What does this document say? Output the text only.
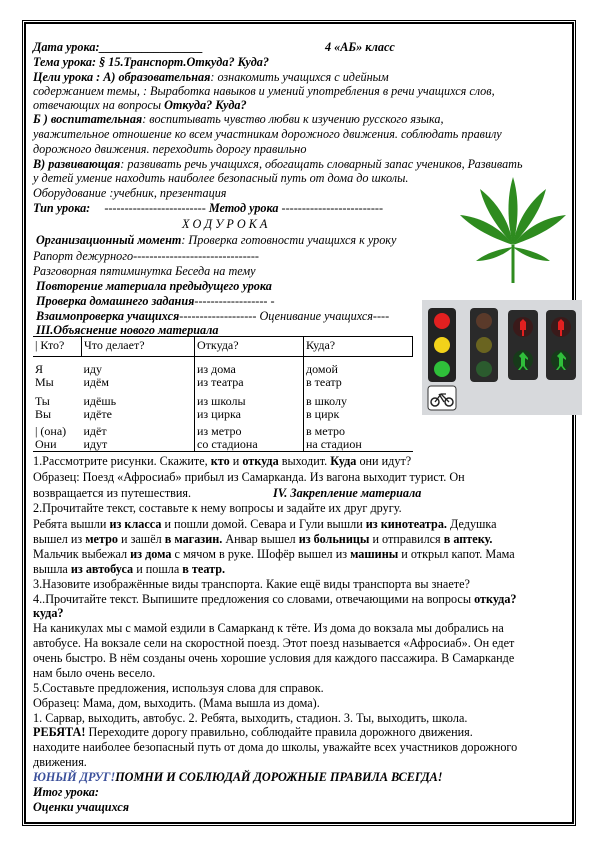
Дата урока:_________________	4 «АБ» класс
Тема урока: § 15.Транспорт.Откуда? Куда?
Цели урока : А) образовательная: ознакомить учащихся с идейным
содержанием темы, : Выработка навыков и умений употребления в речи учащихся слов,
отвечающих на вопросы Откуда? Куда?
Б ) воспитательная: воспитывать чувство любви к изучению русского языка,
уважительное отношение ко всем участникам дорожного движения. соблюдать правилу
дорожного движения. переходить дорогу правильно
В) развивающая: развивать речь учащихся, обогащать словарный запас учеников, Развивать
у детей умение находить наиболее безопасный путь от дома до школы.
Оборудование :учебник, презентация
Тип урока:  ------------------------- Метод урока -------------------------
Х О Д У Р О К А
Организационный момент: Проверка готовности учащихся к уроку
Рапорт дежурного-------------------------------
Разговорная пятиминутка Беседа на тему
Повторение материала предыдущего урока
Проверка домашнего задания------------------ -
Взаимопроверка учащихся------------------- Оценивание учащихся----
III.Объяснение нового материала
| Кто?	Что делает?	Откуда?	Куда?

Я	иду	из дома	домой
Мы	идём	из театра	в театр

Ты	идёшь	из школы	в школу
Вы	идёте	из цирка	в цирк

| (она)	идёт	из метро	в метро
Они	идут	со стадиона	на стадион
1.Рассмотрите рисунки. Скажите, кто и откуда выходит. Куда они идут?
Образец: Поезд «Афросиаб» прибыл из Самарканда. Из вагона выходит турист. Он
возвращается из путешествия.	IV. Закрепление материала
2.Прочитайте текст, составьте к нему вопросы и задайте их друг другу.
Ребята вышли из класса и пошли домой. Севара и Гули вышли из кинотеатра. Дедушка
вышел из метро и зашёл в магазин. Анвар вышел из больницы и отправился в аптеку.
Мальчик выбежал из дома с мячом в руке. Шофёр вышел из машины и открыл капот. Мама
вышла из автобуса и пошла в театр.
3.Назовите изображённые виды транспорта. Какие ещё виды транспорта вы знаете?
4..Прочитайте текст. Выпишите предложения со словами, отвечающими на вопросы откуда?
куда?
На каникулах мы с мамой ездили в Самарканд к тёте. Из дома до вокзала мы добрались на
автобусе. На вокзале сели на скоростной поезд. Этот поезд называется «Афросиаб». Он едет
очень быстро. В нём созданы очень хорошие условия для каждого пассажира. В Самарканде
нам было очень весело.
5.Составьте предложения, используя слова для справок.
Образец: Мама, дом, выходить. (Мама вышла из дома).
1. Сарвар, выходить, автобус. 2. Ребята, выходить, стадион. 3. Ты, выходить, школа.
РЕБЯТА! Переходите дорогу правильно, соблюдайте правила дорожного движения.
находите наиболее безопасный путь от дома до школы, уважайте всех участников дорожного
движения.
ЮНЫЙ ДРУГ!ПОМНИ И СОБЛЮДАЙ ДОРОЖНЫЕ ПРАВИЛА ВСЕГДА!
Итог урока:
Оценки учащихся
